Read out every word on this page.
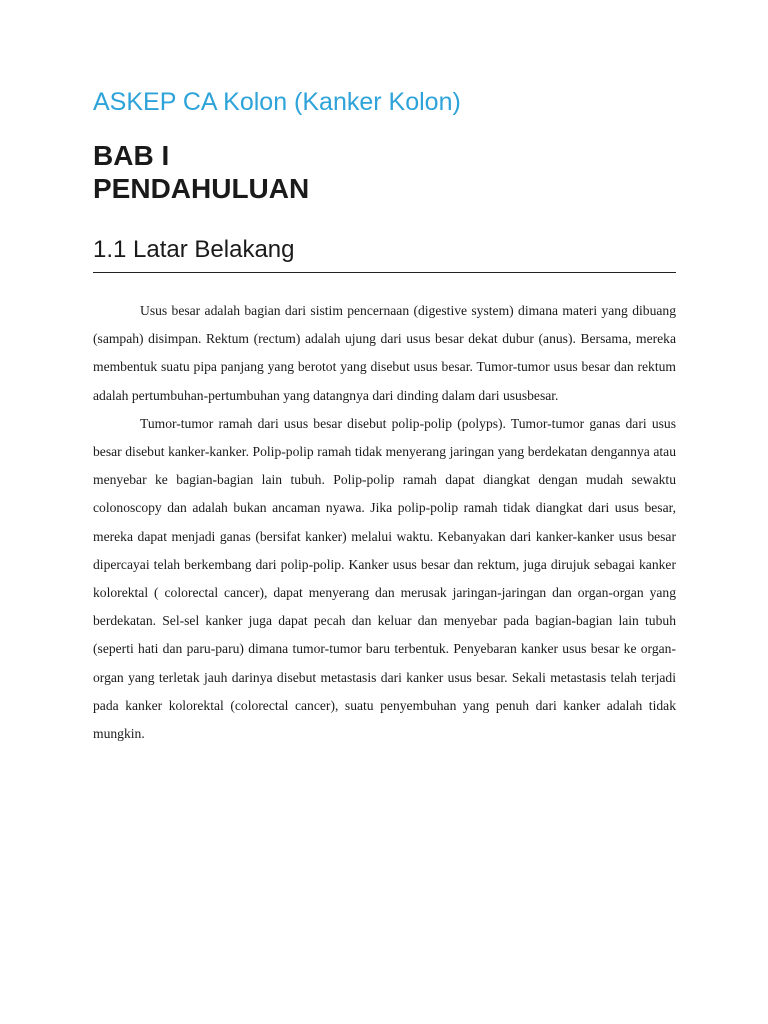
ASKEP CA Kolon (Kanker Kolon)
BAB I
PENDAHULUAN
1.1 Latar Belakang

Usus besar adalah bagian dari sistim pencernaan (digestive system) dimana materi yang dibuang (sampah) disimpan. Rektum (rectum) adalah ujung dari usus besar dekat dubur (anus). Bersama, mereka membentuk suatu pipa panjang yang berotot yang disebut usus besar. Tumor-tumor usus besar dan rektum adalah pertumbuhan-pertumbuhan yang datangnya dari dinding dalam dari ususbesar.

Tumor-tumor ramah dari usus besar disebut polip-polip (polyps). Tumor-tumor ganas dari usus besar disebut kanker-kanker. Polip-polip ramah tidak menyerang jaringan yang berdekatan dengannya atau menyebar ke bagian-bagian lain tubuh. Polip-polip ramah dapat diangkat dengan mudah sewaktu colonoscopy dan adalah bukan ancaman nyawa. Jika polip-polip ramah tidak diangkat dari usus besar, mereka dapat menjadi ganas (bersifat kanker) melalui waktu. Kebanyakan dari kanker-kanker usus besar dipercayai telah berkembang dari polip-polip. Kanker usus besar dan rektum, juga dirujuk sebagai kanker kolorektal ( colorectal cancer), dapat menyerang dan merusak jaringan-jaringan dan organ-organ yang berdekatan. Sel-sel kanker juga dapat pecah dan keluar dan menyebar pada bagian-bagian lain tubuh (seperti hati dan paru-paru) dimana tumor-tumor baru terbentuk. Penyebaran kanker usus besar ke organ-organ yang terletak jauh darinya disebut metastasis dari kanker usus besar. Sekali metastasis telah terjadi pada kanker kolorektal (colorectal cancer), suatu penyembuhan yang penuh dari kanker adalah tidak mungkin.
